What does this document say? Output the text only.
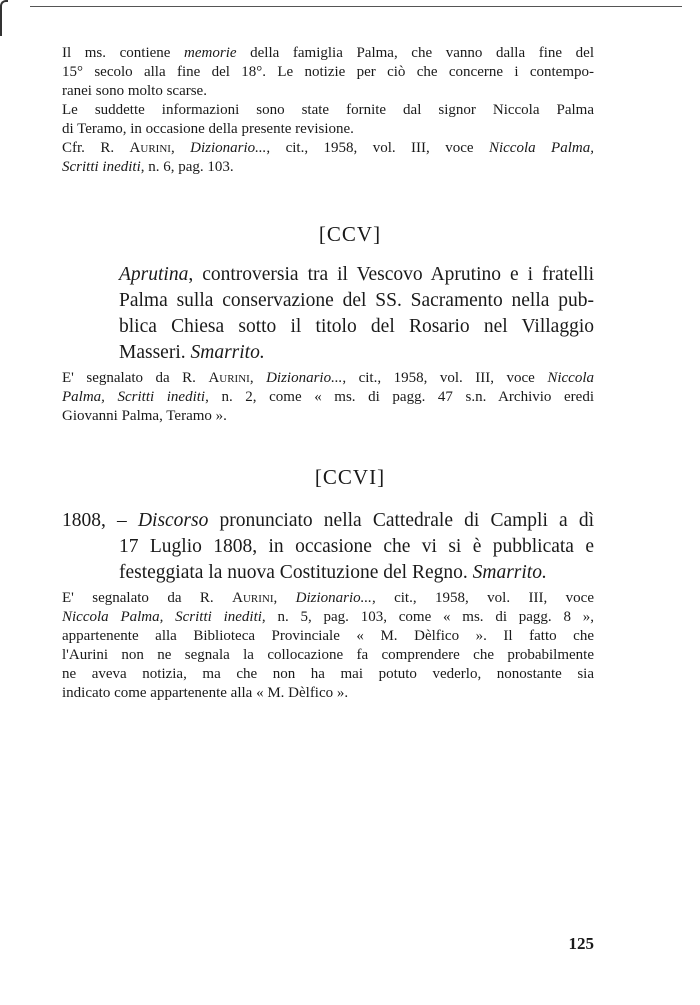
Il ms. contiene memorie della famiglia Palma, che vanno dalla fine del
15° secolo alla fine del 18°. Le notizie per ciò che concerne i contempo-
ranei sono molto scarse.
Le suddette informazioni sono state fornite dal signor Niccola Palma
di Teramo, in occasione della presente revisione.
Cfr. R. Aurini, Dizionario..., cit., 1958, vol. III, voce Niccola Palma,
Scritti inediti, n. 6, pag. 103.
[CCV]
Aprutina, controversia tra il Vescovo Aprutino e i fratelli
Palma sulla conservazione del SS. Sacramento nella pub-
blica Chiesa sotto il titolo del Rosario nel Villaggio
Masseri. Smarrito.
E' segnalato da R. Aurini, Dizionario..., cit., 1958, vol. III, voce Niccola
Palma, Scritti inediti, n. 2, come « ms. di pagg. 47 s.n. Archivio eredi
Giovanni Palma, Teramo ».
[CCVI]
1808, – Discorso pronunciato nella Cattedrale di Campli a dì
17 Luglio 1808, in occasione che vi si è pubblicata e
festeggiata la nuova Costituzione del Regno. Smarrito.
E' segnalato da R. Aurini, Dizionario..., cit., 1958, vol. III, voce
Niccola Palma, Scritti inediti, n. 5, pag. 103, come « ms. di pagg. 8 »,
appartenente alla Biblioteca Provinciale « M. Dèlfico ». Il fatto che
l'Aurini non ne segnala la collocazione fa comprendere che probabilmente
ne aveva notizia, ma che non ha mai potuto vederlo, nonostante sia
indicato come appartenente alla « M. Dèlfico ».
125
